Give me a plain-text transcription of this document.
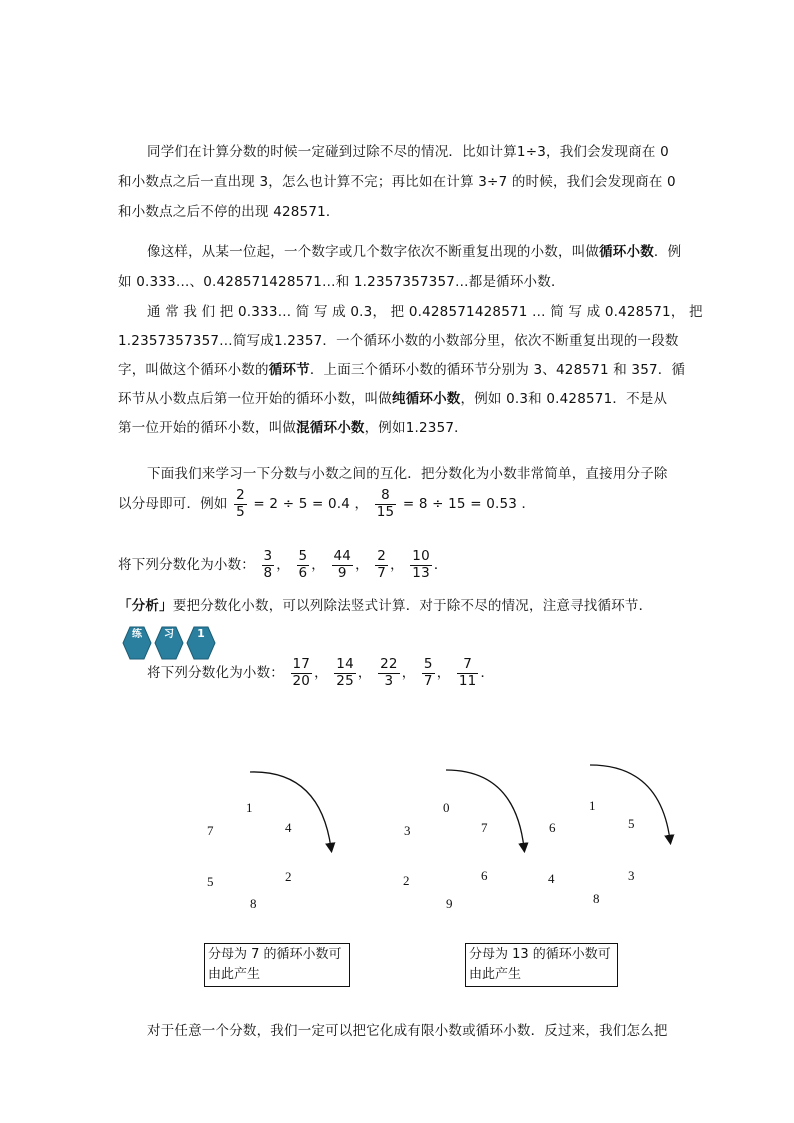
同学们在计算分数的时候一定碰到过除不尽的情况．比如计算1÷3，我们会发现商在 0
和小数点之后一直出现 3，怎么也计算不完；再比如在计算 3÷7 的时候，我们会发现商在 0
和小数点之后不停的出现 428571．
像这样，从某一位起，一个数字或几个数字依次不断重复出现的小数，叫做循环小数．例
如 0.333…、0.428571428571…和 1.2357357357…都是循环小数．
通 常 我 们 把 0.333… 简 写 成 0.3， 把 0.428571428571 … 简 写 成 0.428571， 把
1.2357357357…简写成1.2357．一个循环小数的小数部分里，依次不断重复出现的一段数
字，叫做这个循环小数的循环节．上面三个循环小数的循环节分别为 3、428571 和 357．循
环节从小数点后第一位开始的循环小数，叫做纯循环小数，例如 0.3和 0.428571．不是从
第一位开始的循环小数，叫做混循环小数，例如1.2357．
下面我们来学习一下分数与小数之间的互化．把分数化为小数非常简单，直接用分子除
以分母即可．例如 $\frac{2}{5} = 2 \div 5 = 0.4$ ， $\frac{8}{15} = 8 \div 15 = 0.53$ ．
将下列分数化为小数： $\frac{3}{8}$ ， $\frac{5}{6}$ ， $\frac{44}{9}$ ， $\frac{2}{7}$ ， $\frac{10}{13}$ ．
「分析」要把分数化小数，可以列除法竖式计算．对于除不尽的情况，注意寻找循环节．
练 习 1
将下列分数化为小数： $\frac{17}{20}$ ， $\frac{14}{25}$ ， $\frac{22}{3}$ ， $\frac{5}{7}$ ， $\frac{7}{11}$ ．
1
4
2
8
5
7
0
7
6
9
2
3
1
5
3
8
4
6
分母为 7 的循环小数可由此产生
分母为 13 的循环小数可由此产生
对于任意一个分数，我们一定可以把它化成有限小数或循环小数．反过来，我们怎么把
